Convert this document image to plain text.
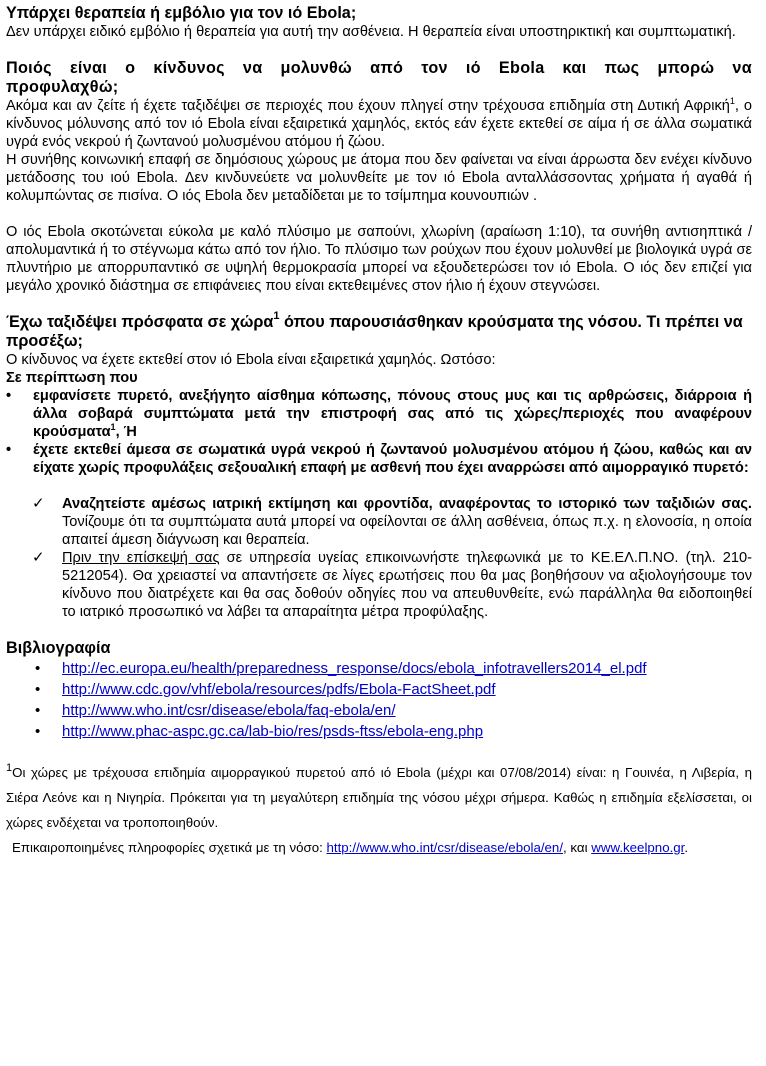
Υπάρχει θεραπεία ή εμβόλιο για τον ιό Ebola;

Δεν υπάρχει ειδικό εμβόλιο ή θεραπεία για αυτή την ασθένεια. Η θεραπεία είναι υποστηρικτική και συμπτωματική.

Ποιός είναι ο κίνδυνος να μολυνθώ από τον ιό Ebola και πως μπορώ να προφυλαχθώ;

Ακόμα και αν ζείτε ή έχετε ταξιδέψει σε περιοχές που έχουν πληγεί στην τρέχουσα επιδημία στη Δυτική Αφρική$^1$, ο κίνδυνος μόλυνσης από τον ιό Ebola είναι εξαιρετικά χαμηλός, εκτός εάν έχετε εκτεθεί σε αίμα ή σε άλλα σωματικά υγρά ενός νεκρού ή ζωντανού μολυσμένου ατόμου ή ζώου.

Η συνήθης κοινωνική επαφή σε δημόσιους χώρους με άτομα που δεν φαίνεται να είναι άρρωστα δεν ενέχει κίνδυνο μετάδοσης του ιού Ebola. Δεν κινδυνεύετε να μολυνθείτε με τον ιό Ebola ανταλλάσσοντας χρήματα ή αγαθά ή κολυμπώντας σε πισίνα. Ο ιός Ebola δεν μεταδίδεται με το τσίμπημα κουνουπιών .

Ο ιός Ebola σκοτώνεται εύκολα με καλό πλύσιμο με σαπούνι, χλωρίνη (αραίωση 1:10), τα συνήθη αντισηπτικά / απολυμαντικά ή το στέγνωμα κάτω από τον ήλιο. Το πλύσιμο των ρούχων που έχουν μολυνθεί με βιολογικά υγρά σε πλυντήριο με απορρυπαντικό σε υψηλή θερμοκρασία μπορεί να εξουδετερώσει τον ιό Ebola. Ο ιός δεν επιζεί για μεγάλο χρονικό διάστημα σε επιφάνειες που είναι εκτεθειμένες στον ήλιο ή έχουν στεγνώσει.

Έχω ταξιδέψει πρόσφατα σε χώρα$^1$ όπου παρουσιάσθηκαν κρούσματα της νόσου. Τι πρέπει να προσέξω;

Ο κίνδυνος να έχετε εκτεθεί στον ιό Ebola είναι εξαιρετικά χαμηλός. Ωστόσο:

Σε περίπτωση που

• εμφανίσετε πυρετό, ανεξήγητο αίσθημα κόπωσης, πόνους στους μυς και τις αρθρώσεις, διάρροια ή άλλα σοβαρά συμπτώματα μετά την επιστροφή σας από τις χώρες/περιοχές που αναφέρουν κρούσματα$^1$, Ή
• έχετε εκτεθεί άμεσα σε σωματικά υγρά νεκρού ή ζωντανού μολυσμένου ατόμου ή ζώου, καθώς και αν είχατε χωρίς προφυλάξεις σεξουαλική επαφή με ασθενή που έχει αναρρώσει από αιμορραγικό πυρετό:
✓ Αναζητείστε αμέσως ιατρική εκτίμηση και φροντίδα, αναφέροντας το ιστορικό των ταξιδιών σας. Τονίζουμε ότι τα συμπτώματα αυτά μπορεί να οφείλονται σε άλλη ασθένεια, όπως π.χ. η ελονοσία, η οποία απαιτεί άμεση διάγνωση και θεραπεία.
✓ Πριν την επίσκεψή σας σε υπηρεσία υγείας επικοινωνήστε τηλεφωνικά με το ΚΕ.ΕΛ.Π.ΝΟ. (τηλ. 210-5212054). Θα χρειαστεί να απαντήσετε σε λίγες ερωτήσεις που θα μας βοηθήσουν να αξιολογήσουμε τον κίνδυνο που διατρέχετε και θα σας δοθούν οδηγίες που να απευθυνθείτε, ενώ παράλληλα θα ειδοποιηθεί το ιατρικό προσωπικό να λάβει τα απαραίτητα μέτρα προφύλαξης.
Βιβλιογραφία
• http://ec.europa.eu/health/preparedness_response/docs/ebola_infotravellers2014_el.pdf
• http://www.cdc.gov/vhf/ebola/resources/pdfs/Ebola-FactSheet.pdf
• http://www.who.int/csr/disease/ebola/faq-ebola/en/
• http://www.phac-aspc.gc.ca/lab-bio/res/psds-ftss/ebola-eng.php

$^1$Οι χώρες με τρέχουσα επιδημία αιμορραγικού πυρετού από ιό Ebola (μέχρι και 07/08/2014) είναι: η Γουινέα, η Λιβερία, η Σιέρα Λεόνε και η Νιγηρία. Πρόκειται για τη μεγαλύτερη επιδημία της νόσου μέχρι σήμερα. Καθώς η επιδημία εξελίσσεται, οι χώρες ενδέχεται να τροποποιηθούν.

Επικαιροποιημένες πληροφορίες σχετικά με τη νόσο: http://www.who.int/csr/disease/ebola/en/, και www.keelpno.gr.
